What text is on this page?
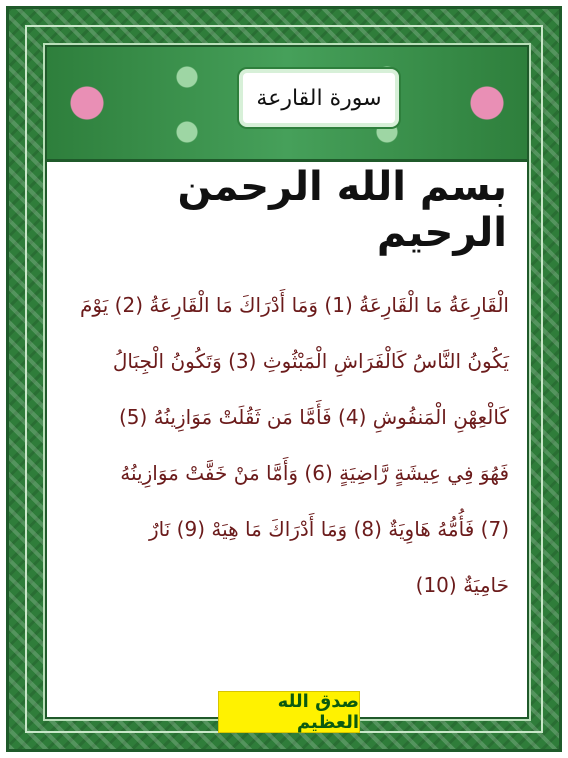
سورة القارعة
بسم الله الرحمن الرحيم
الْقَارِعَةُ مَا الْقَارِعَةُ (1) وَمَا أَدْرَاكَ مَا الْقَارِعَةُ (2) يَوْمَ
يَكُونُ النَّاسُ كَالْفَرَاشِ الْمَبْثُوثِ (3) وَتَكُونُ الْجِبَالُ
كَالْعِهْنِ الْمَنفُوشِ (4) فَأَمَّا مَن ثَقُلَتْ مَوَازِينُهُ (5)
فَهُوَ فِي عِيشَةٍ رَّاضِيَةٍ (6) وَأَمَّا مَنْ خَفَّتْ مَوَازِينُهُ
(7) فَأُمُّهُ هَاوِيَةٌ (8) وَمَا أَدْرَاكَ مَا هِيَهْ (9) نَارٌ
حَامِيَةٌ (10)
صدق الله العظيم
